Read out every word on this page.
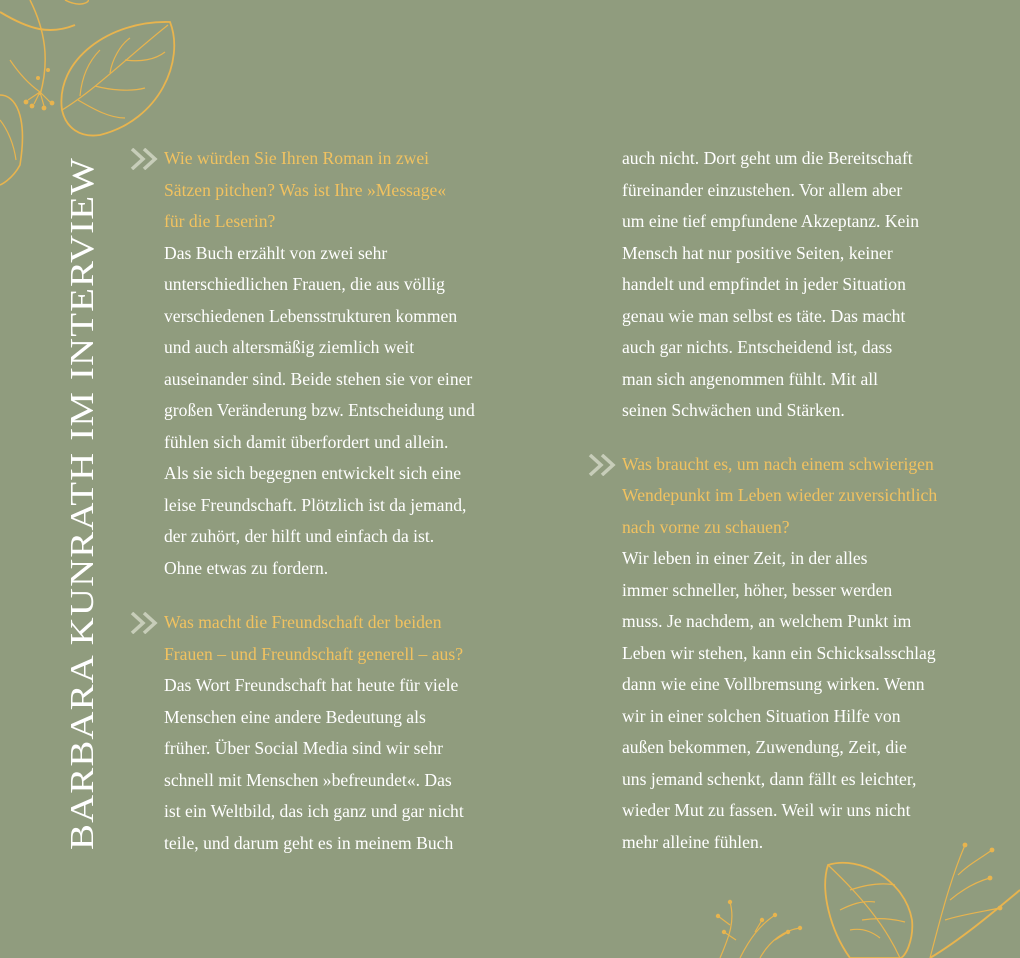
BARBARA KUNRATH IM INTERVIEW

Wie würden Sie Ihren Roman in zwei

Sätzen pitchen? Was ist Ihre »Message«

für die Leserin?

Das Buch erzählt von zwei sehr

unterschiedlichen Frauen, die aus völlig

verschiedenen Lebensstrukturen kommen

und auch altersmäßig ziemlich weit

auseinander sind. Beide stehen sie vor einer

großen Veränderung bzw. Entscheidung und

fühlen sich damit überfordert und allein.

Als sie sich begegnen entwickelt sich eine

leise Freundschaft. Plötzlich ist da jemand,

der zuhört, der hilft und einfach da ist.

Ohne etwas zu fordern.

Was macht die Freundschaft der beiden

Frauen – und Freundschaft generell – aus?

Das Wort Freundschaft hat heute für viele

Menschen eine andere Bedeutung als

früher. Über Social Media sind wir sehr

schnell mit Menschen »befreundet«. Das

ist ein Weltbild, das ich ganz und gar nicht

teile, und darum geht es in meinem Buch

auch nicht. Dort geht um die Bereitschaft

füreinander einzustehen. Vor allem aber

um eine tief empfundene Akzeptanz. Kein

Mensch hat nur positive Seiten, keiner

handelt und empfindet in jeder Situation

genau wie man selbst es täte. Das macht

auch gar nichts. Entscheidend ist, dass

man sich angenommen fühlt. Mit all

seinen Schwächen und Stärken.

Was braucht es, um nach einem schwierigen

Wendepunkt im Leben wieder zuversichtlich

nach vorne zu schauen?

Wir leben in einer Zeit, in der alles

immer schneller, höher, besser werden

muss. Je nachdem, an welchem Punkt im

Leben wir stehen, kann ein Schicksalsschlag

dann wie eine Vollbremsung wirken. Wenn

wir in einer solchen Situation Hilfe von

außen bekommen, Zuwendung, Zeit, die

uns jemand schenkt, dann fällt es leichter,

wieder Mut zu fassen. Weil wir uns nicht

mehr alleine fühlen.
